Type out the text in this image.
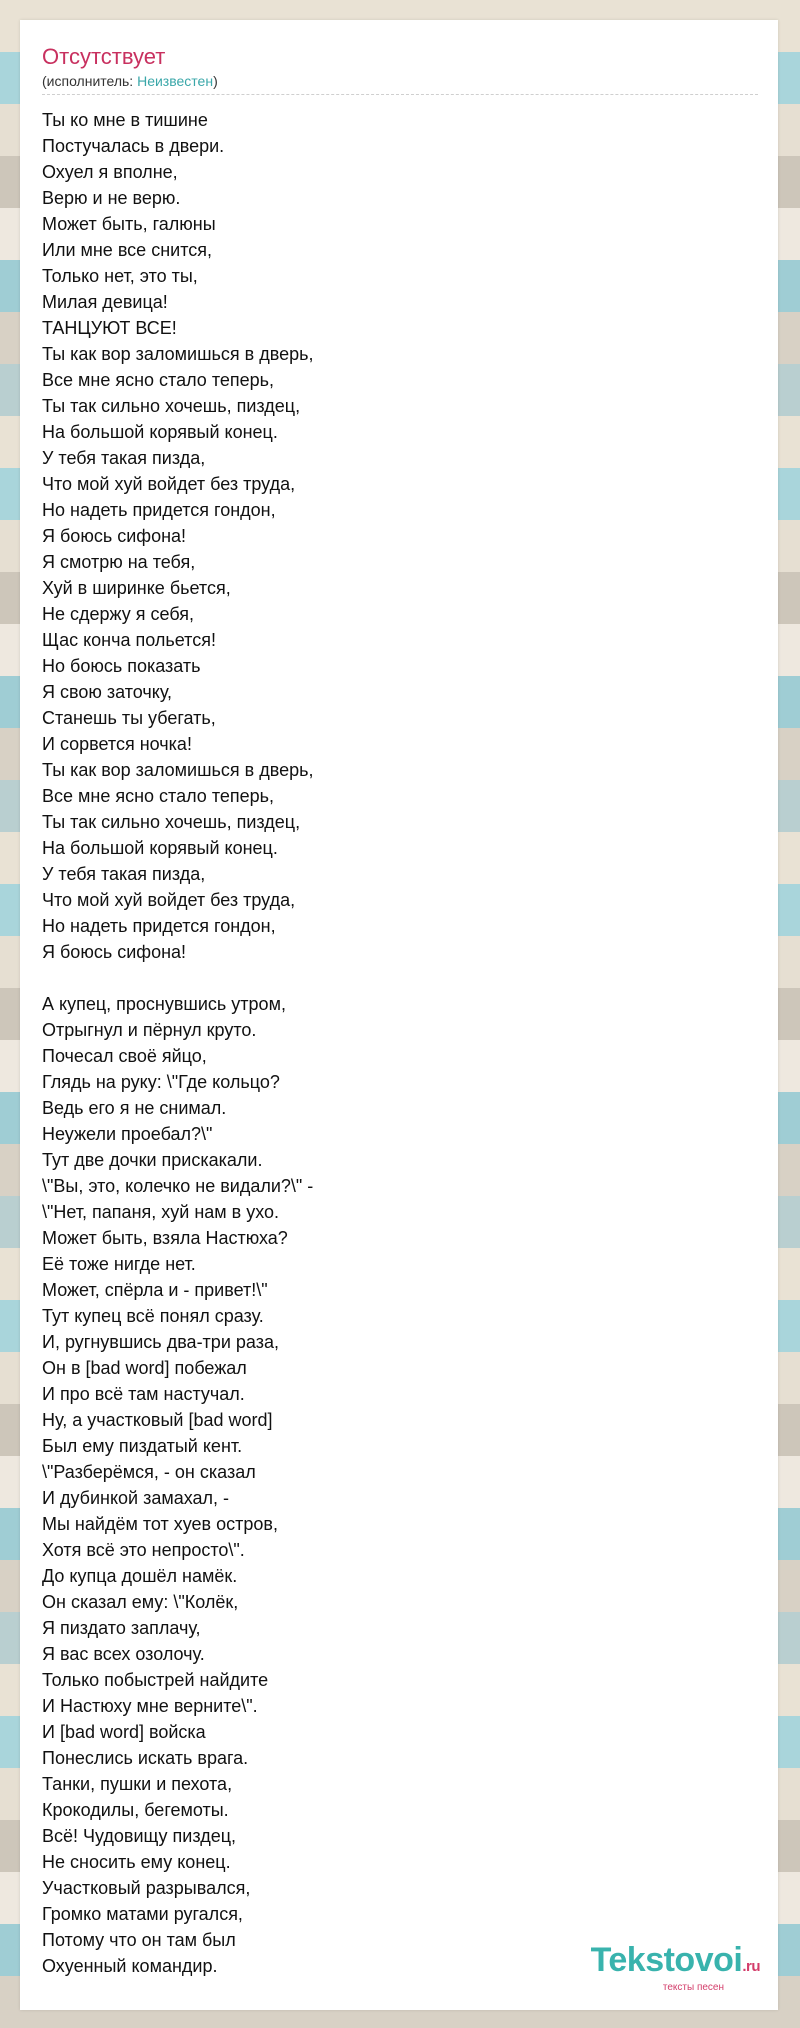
Отсутствует
(исполнитель: Неизвестен)
Ты ко мне в тишине
Постучалась в двери.
Охуел я вполне,
Верю и не верю.
Может быть, галюны
Или мне все снится,
Только нет, это ты,
Милая девица!
ТАНЦУЮТ ВСЕ!
Ты как вор заломишься в дверь,
Все мне ясно стало теперь,
Ты так сильно хочешь, пиздец,
На большой корявый конец.
У тебя такая пизда,
Что мой хуй войдет без труда,
Но надеть придется гондон,
Я боюсь сифона!
Я смотрю на тебя,
Хуй в ширинке бьется,
Не сдержу я себя,
Щас конча польется!
Но боюсь показать
Я свою заточку,
Станешь ты убегать,
И сорвется ночка!
Ты как вор заломишься в дверь,
Все мне ясно стало теперь,
Ты так сильно хочешь, пиздец,
На большой корявый конец.
У тебя такая пизда,
Что мой хуй войдет без труда,
Но надеть придется гондон,
Я боюсь сифона!
А купец, проснувшись утром,
Отрыгнул и пёрнул круто.
Почесал своё яйцо,
Глядь на руку: \"Где кольцо?
Ведь его я не снимал.
Неужели проебал?\"
Тут две дочки прискакали.
\"Вы, это, колечко не видали?\" -
\"Нет, папаня, хуй нам в ухо.
Может быть, взяла Настюха?
Её тоже нигде нет.
Может, спёрла и - привет!\"
Тут купец всё понял сразу.
И, ругнувшись два-три раза,
Он в [bad word] побежал
И про всё там настучал.
Ну, а участковый [bad word]
Был ему пиздатый кент.
\"Разберёмся, - он сказал
И дубинкой замахал, -
Мы найдём тот хуев остров,
Хотя всё это непросто\".
До купца дошёл намёк.
Он сказал ему: \"Колёк,
Я пиздато заплачу,
Я вас всех озолочу.
Только побыстрей найдите
И Настюху мне верните\".
И [bad word] войска
Понеслись искать врага.
Танки, пушки и пехота,
Крокодилы, бегемоты.
Всё! Чудовищу пиздец,
Не сносить ему конец.
Участковый разрывался,
Громко матами ругался,
Потому что он там был
Охуенный командир.	Tekstovoi.ru
тексты песен
